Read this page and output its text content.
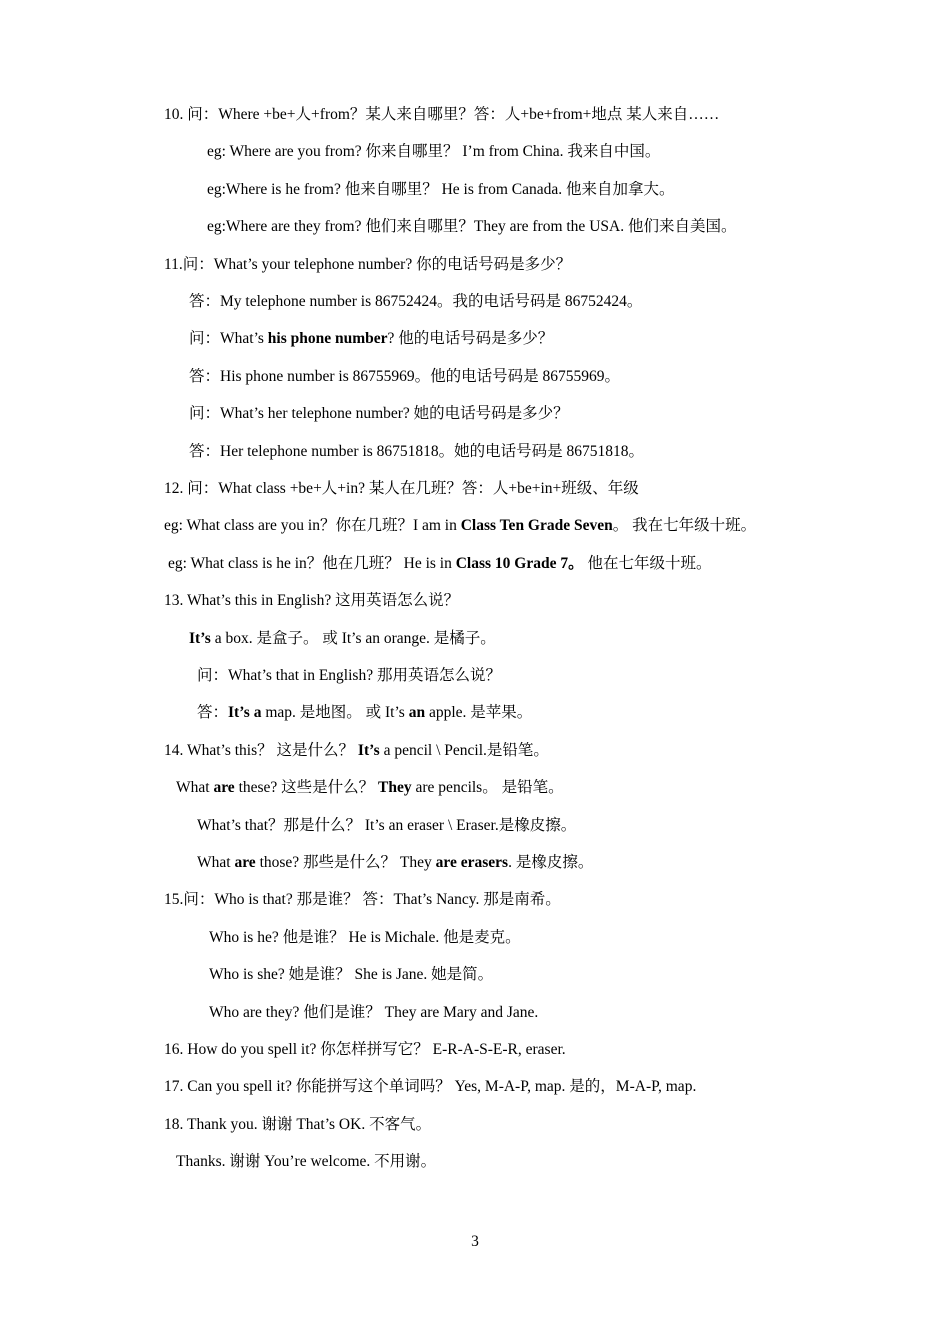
10. 问：Where +be+人+from？某人来自哪里？答：人+be+from+地点 某人来自……
eg: Where are you from? 你来自哪里？ I’m from China. 我来自中国。
eg:Where is he from? 他来自哪里？ He is from Canada. 他来自加拿大。
eg:Where are they from? 他们来自哪里？They are from the USA. 他们来自美国。
11.问：What’s your telephone number? 你的电话号码是多少？
答：My telephone number is 86752424。我的电话号码是 86752424。
问：What’s his phone number? 他的电话号码是多少？
答：His phone number is 86755969。他的电话号码是 86755969。
问：What’s her telephone number? 她的电话号码是多少？
答：Her telephone number is 86751818。她的电话号码是 86751818。
12. 问：What class +be+人+in? 某人在几班？答：人+be+in+班级、年级
eg: What class are you in？你在几班？I am in Class Ten Grade Seven。 我在七年级十班。
eg: What class is he in？他在几班？ He is in Class 10 Grade 7。 他在七年级十班。
13. What’s this in English? 这用英语怎么说？
It’s a box. 是盒子。 或 It’s an orange. 是橘子。
问：What’s that in English? 那用英语怎么说？
答：It’s a map. 是地图。 或 It’s an apple. 是苹果。
14. What’s this？ 这是什么？ It’s a pencil \ Pencil.是铅笔。
What are these? 这些是什么？ They are pencils。 是铅笔。
What’s that？那是什么？ It’s an eraser \ Eraser.是橡皮擦。
What are those? 那些是什么？ They are erasers. 是橡皮擦。
15.问：Who is that? 那是谁？ 答：That’s Nancy. 那是南希。
Who is he? 他是谁？ He is Michale. 他是麦克。
Who is she? 她是谁？ She is Jane. 她是简。
Who are they? 他们是谁？ They are Mary and Jane.
16. How do you spell it? 你怎样拼写它？ E-R-A-S-E-R, eraser.
17. Can you spell it? 你能拼写这个单词吗？ Yes, M-A-P, map. 是的，M-A-P, map.
18. Thank you. 谢谢 That’s OK. 不客气。
Thanks. 谢谢 You’re welcome. 不用谢。
3
